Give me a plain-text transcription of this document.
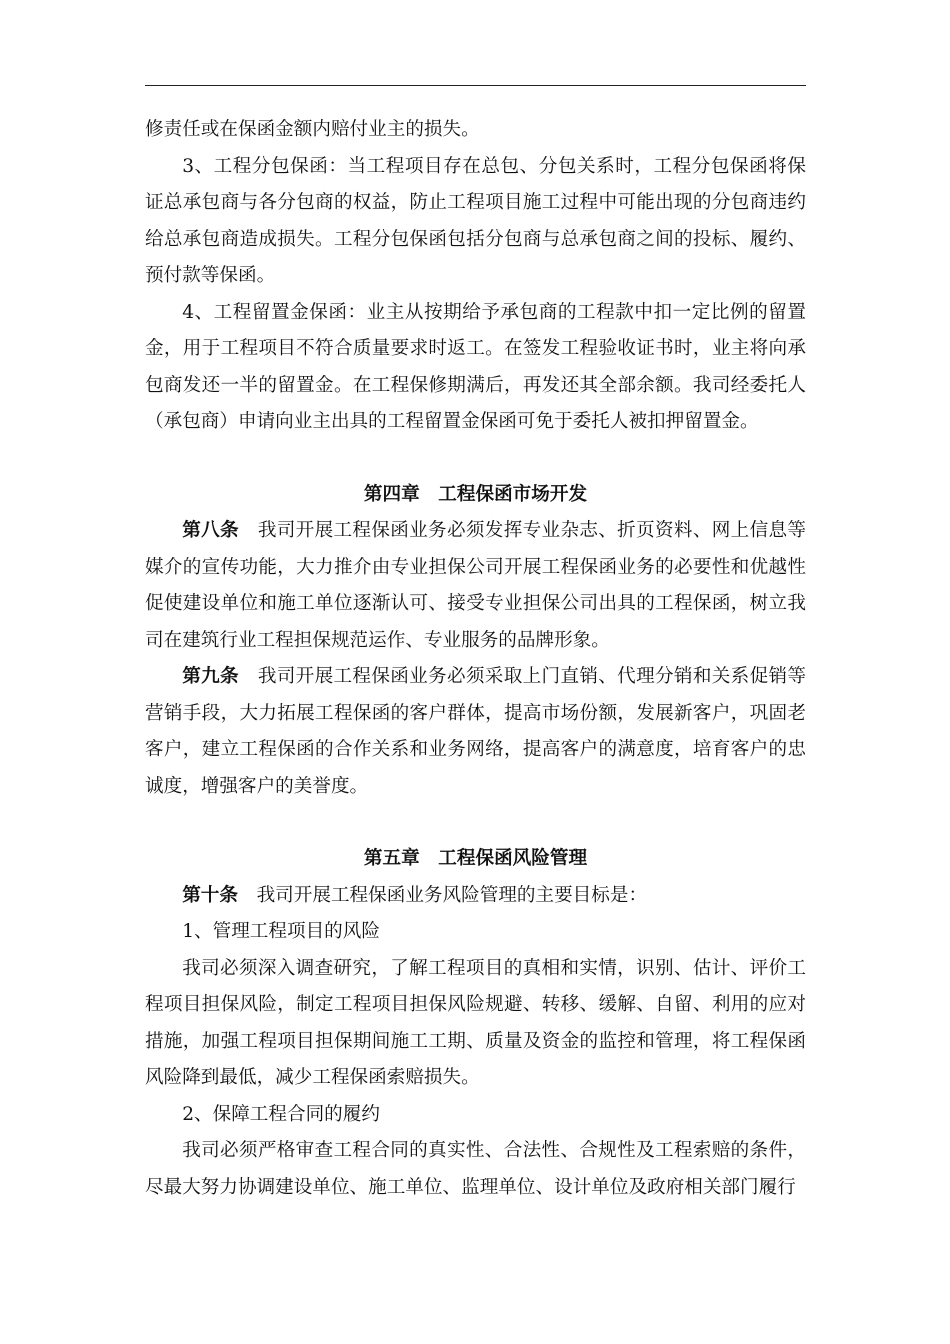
修责任或在保函金额内赔付业主的损失。

3、工程分包保函：当工程项目存在总包、分包关系时，工程分包保函将保证总承包商与各分包商的权益，防止工程项目施工过程中可能出现的分包商违约给总承包商造成损失。工程分包保函包括分包商与总承包商之间的投标、履约、预付款等保函。

4、工程留置金保函：业主从按期给予承包商的工程款中扣一定比例的留置金，用于工程项目不符合质量要求时返工。在签发工程验收证书时，业主将向承包商发还一半的留置金。在工程保修期满后，再发还其全部余额。我司经委托人（承包商）申请向业主出具的工程留置金保函可免于委托人被扣押留置金。

第四章　工程保函市场开发

第八条　我司开展工程保函业务必须发挥专业杂志、折页资料、网上信息等媒介的宣传功能，大力推介由专业担保公司开展工程保函业务的必要性和优越性促使建设单位和施工单位逐渐认可、接受专业担保公司出具的工程保函，树立我司在建筑行业工程担保规范运作、专业服务的品牌形象。

第九条　我司开展工程保函业务必须采取上门直销、代理分销和关系促销等营销手段，大力拓展工程保函的客户群体，提高市场份额，发展新客户，巩固老客户，建立工程保函的合作关系和业务网络，提高客户的满意度，培育客户的忠诚度，增强客户的美誉度。

第五章　工程保函风险管理

第十条　我司开展工程保函业务风险管理的主要目标是：

1、管理工程项目的风险

我司必须深入调查研究，了解工程项目的真相和实情，识别、估计、评价工程项目担保风险，制定工程项目担保风险规避、转移、缓解、自留、利用的应对措施，加强工程项目担保期间施工工期、质量及资金的监控和管理，将工程保函风险降到最低，减少工程保函索赔损失。

2、保障工程合同的履约

我司必须严格审查工程合同的真实性、合法性、合规性及工程索赔的条件，尽最大努力协调建设单位、施工单位、监理单位、设计单位及政府相关部门履行
